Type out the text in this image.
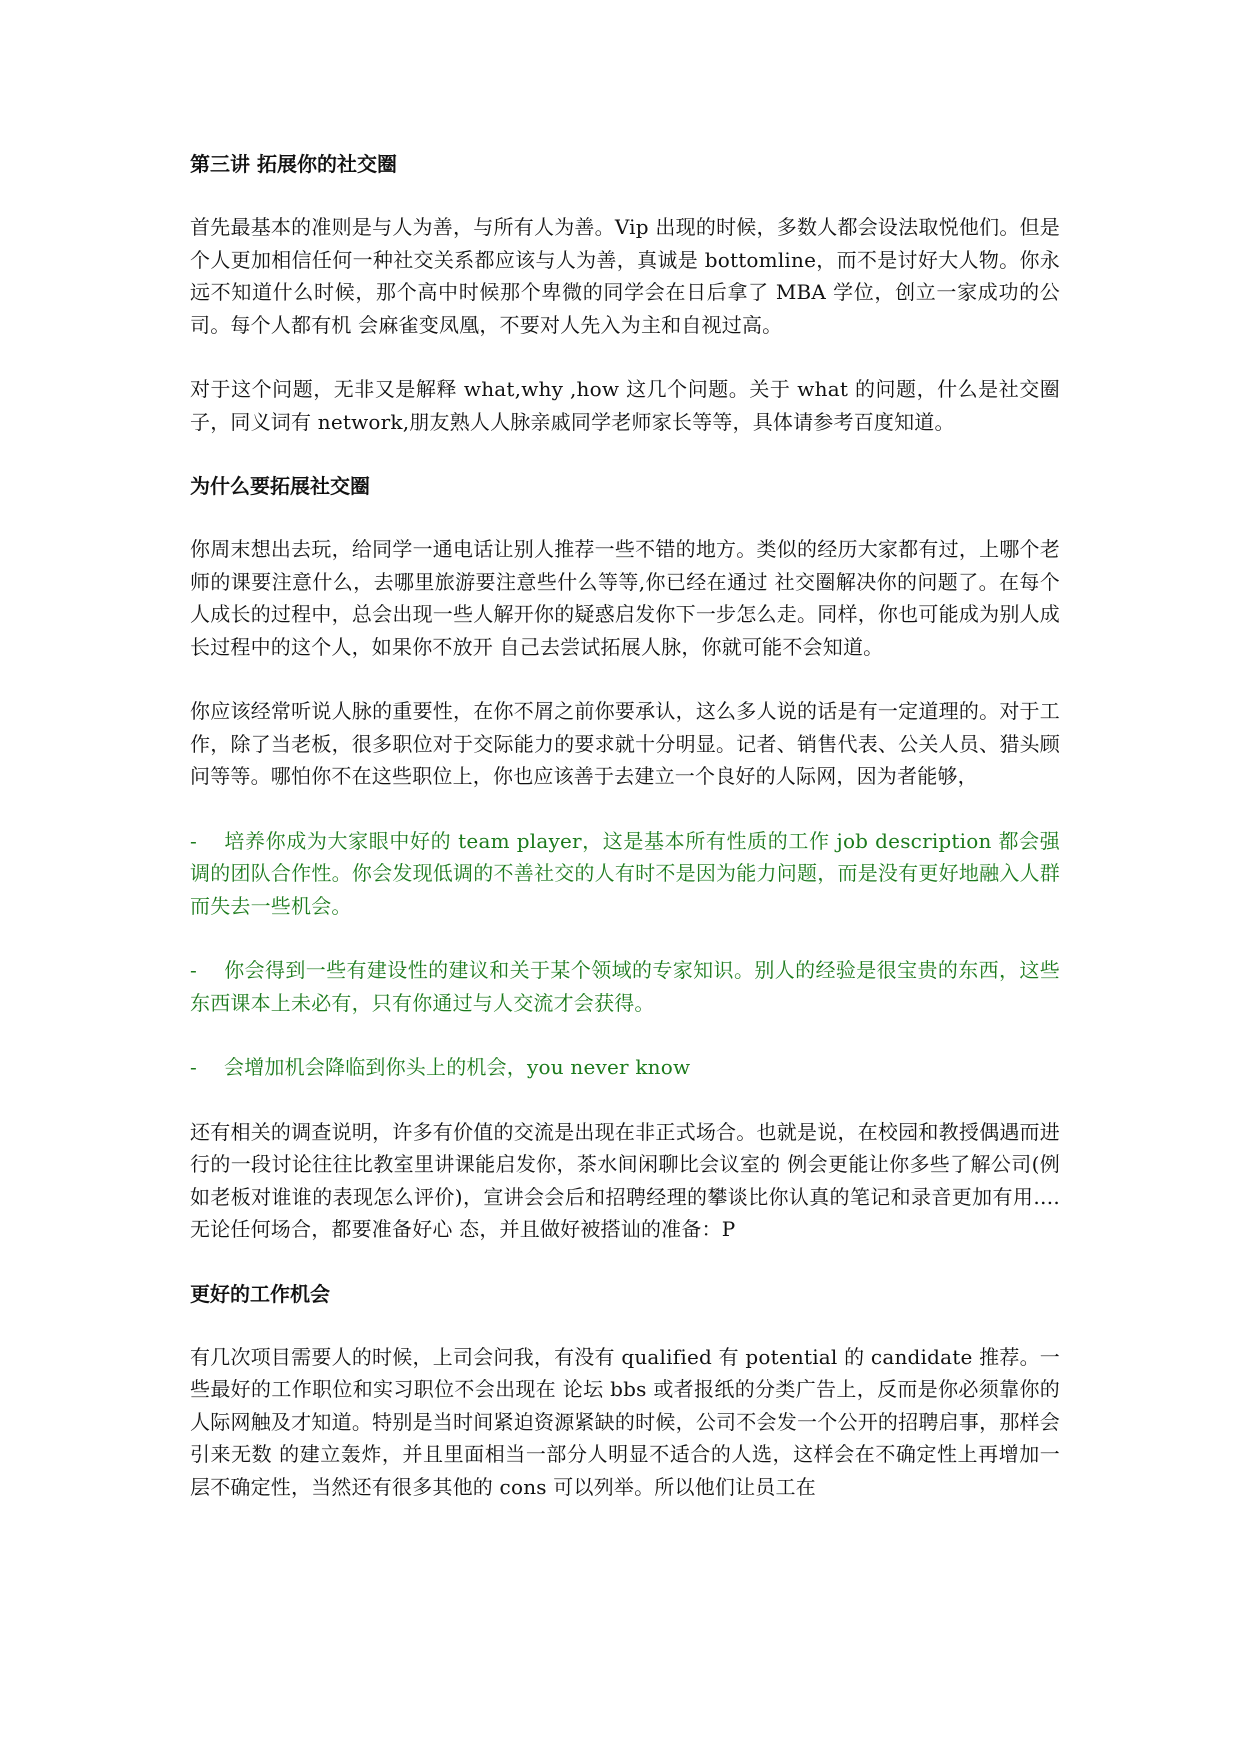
第三讲 拓展你的社交圈

首先最基本的准则是与人为善，与所有人为善。Vip 出现的时候，多数人都会设法取悦他们。但是个人更加相信任何一种社交关系都应该与人为善，真诚是 bottomline，而不是讨好大人物。你永远不知道什么时候，那个高中时候那个卑微的同学会在日后拿了 MBA 学位，创立一家成功的公司。每个人都有机 会麻雀变凤凰，不要对人先入为主和自视过高。

对于这个问题，无非又是解释 what,why ,how 这几个问题。关于 what 的问题，什么是社交圈子，同义词有 network,朋友熟人人脉亲戚同学老师家长等等，具体请参考百度知道。

为什么要拓展社交圈

你周末想出去玩，给同学一通电话让别人推荐一些不错的地方。类似的经历大家都有过，上哪个老师的课要注意什么，去哪里旅游要注意些什么等等,你已经在通过 社交圈解决你的问题了。在每个人成长的过程中，总会出现一些人解开你的疑惑启发你下一步怎么走。同样，你也可能成为别人成长过程中的这个人，如果你不放开 自己去尝试拓展人脉，你就可能不会知道。

你应该经常听说人脉的重要性，在你不屑之前你要承认，这么多人说的话是有一定道理的。对于工作，除了当老板，很多职位对于交际能力的要求就十分明显。记者、销售代表、公关人员、猎头顾问等等。哪怕你不在这些职位上，你也应该善于去建立一个良好的人际网，因为者能够，

- 培养你成为大家眼中好的 team player，这是基本所有性质的工作 job description 都会强调的团队合作性。你会发现低调的不善社交的人有时不是因为能力问题，而是没有更好地融入人群而失去一些机会。

- 你会得到一些有建设性的建议和关于某个领域的专家知识。别人的经验是很宝贵的东西，这些东西课本上未必有，只有你通过与人交流才会获得。

- 会增加机会降临到你头上的机会，you never know

还有相关的调查说明，许多有价值的交流是出现在非正式场合。也就是说，在校园和教授偶遇而进行的一段讨论往往比教室里讲课能启发你，茶水间闲聊比会议室的 例会更能让你多些了解公司(例如老板对谁谁的表现怎么评价)，宣讲会会后和招聘经理的攀谈比你认真的笔记和录音更加有用….无论任何场合，都要准备好心 态，并且做好被搭讪的准备：P

更好的工作机会

有几次项目需要人的时候，上司会问我，有没有 qualified 有 potential 的 candidate 推荐。一些最好的工作职位和实习职位不会出现在 论坛 bbs 或者报纸的分类广告上，反而是你必须靠你的人际网触及才知道。特别是当时间紧迫资源紧缺的时候，公司不会发一个公开的招聘启事，那样会引来无数 的建立轰炸，并且里面相当一部分人明显不适合的人选，这样会在不确定性上再增加一层不确定性，当然还有很多其他的 cons 可以列举。所以他们让员工在
